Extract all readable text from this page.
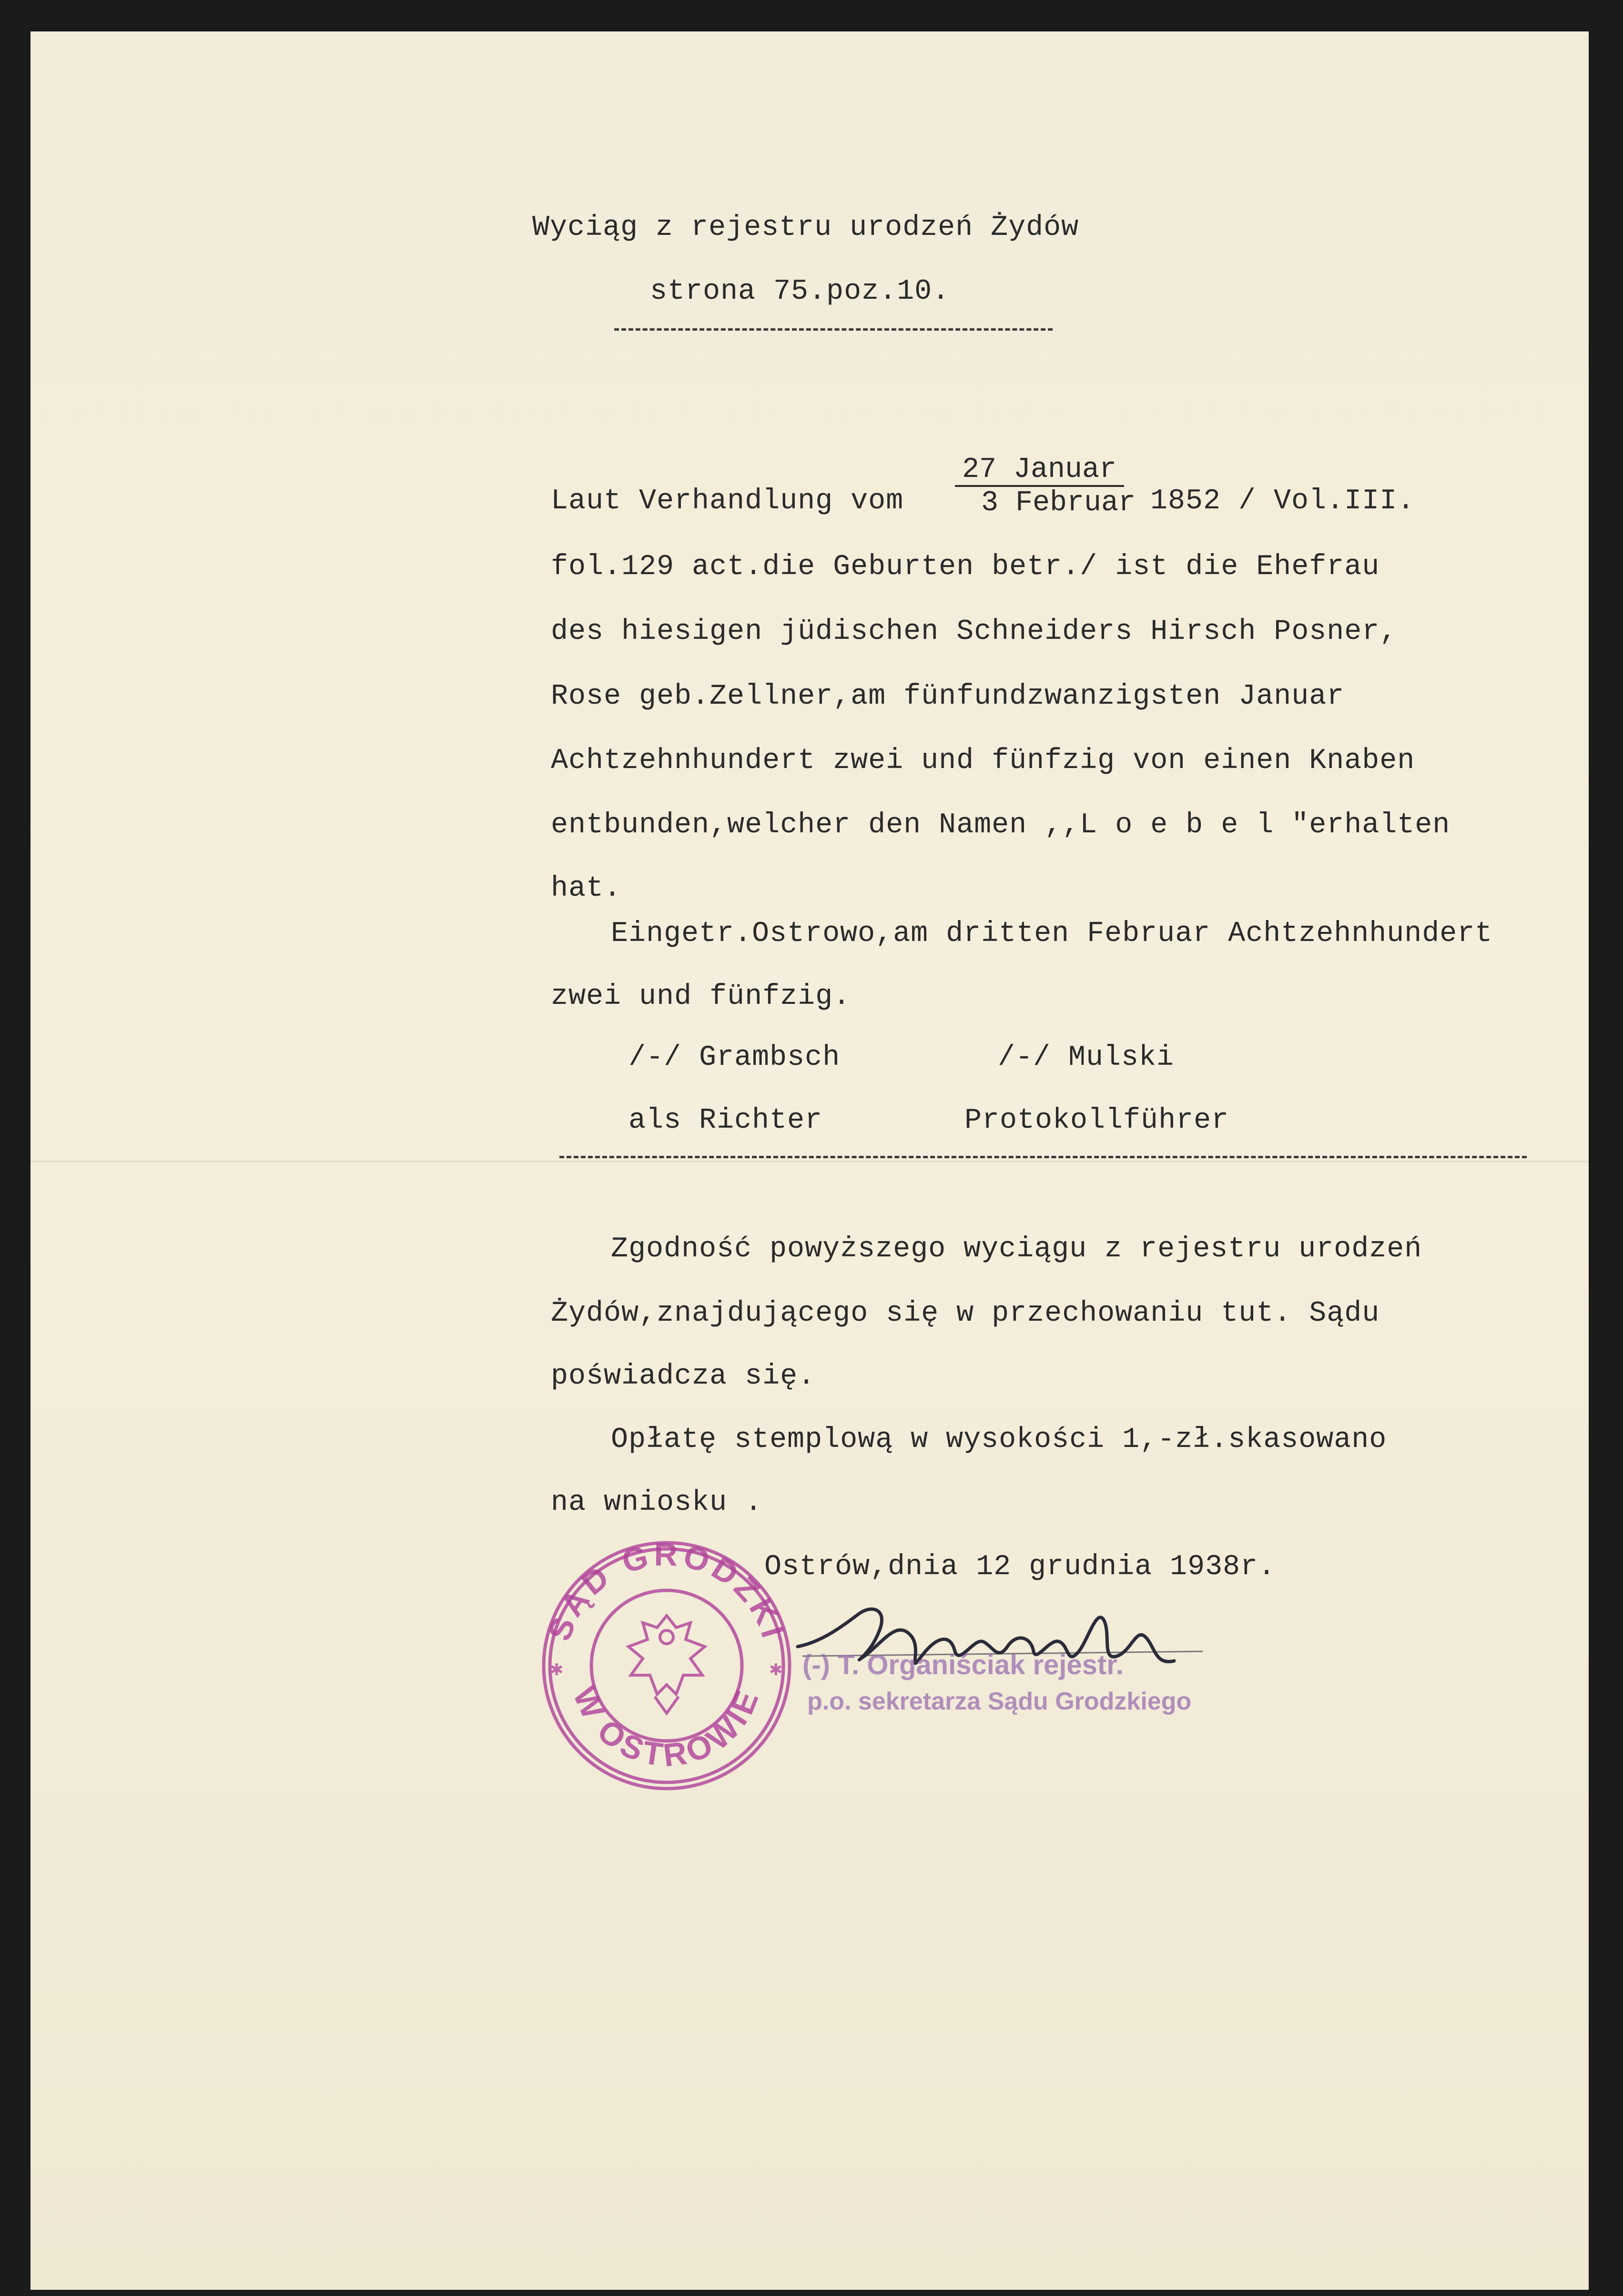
Wyciąg z rejestru urodzeń Żydów

strona 75.poz.10.

Laut Verhandlung vom

27 Januar
3 Februar 1852 / Vol.III.

fol.129 act.die Geburten betr./ ist die Ehefrau

des hiesigen jüdischen Schneiders Hirsch Posner,

Rose geb.Zellner,am fünfundzwanzigsten Januar

Achtzehnhundert zwei und fünfzig von einen Knaben

entbunden,welcher den Namen ,,L o e b e l "erhalten

hat.

Eingetr.Ostrowo,am dritten Februar Achtzehnhundert

zwei und fünfzig.

/-/ Grambsch	/-/ Mulski

als Richter	Protokollführer

Zgodność powyższego wyciągu z rejestru urodzeń

Żydów,znajdującego się w przechowaniu tut. Sądu

poświadcza się.

Opłatę stemplową w wysokości 1,-zł.skasowano

na wniosku .

Ostrów,dnia 12 grudnia 1938r.

SĄD GRODZKI
W OSTROWIE
✱	✱ (-) T. Organiściak rejestr.
p.o. sekretarza Sądu Grodzkiego
